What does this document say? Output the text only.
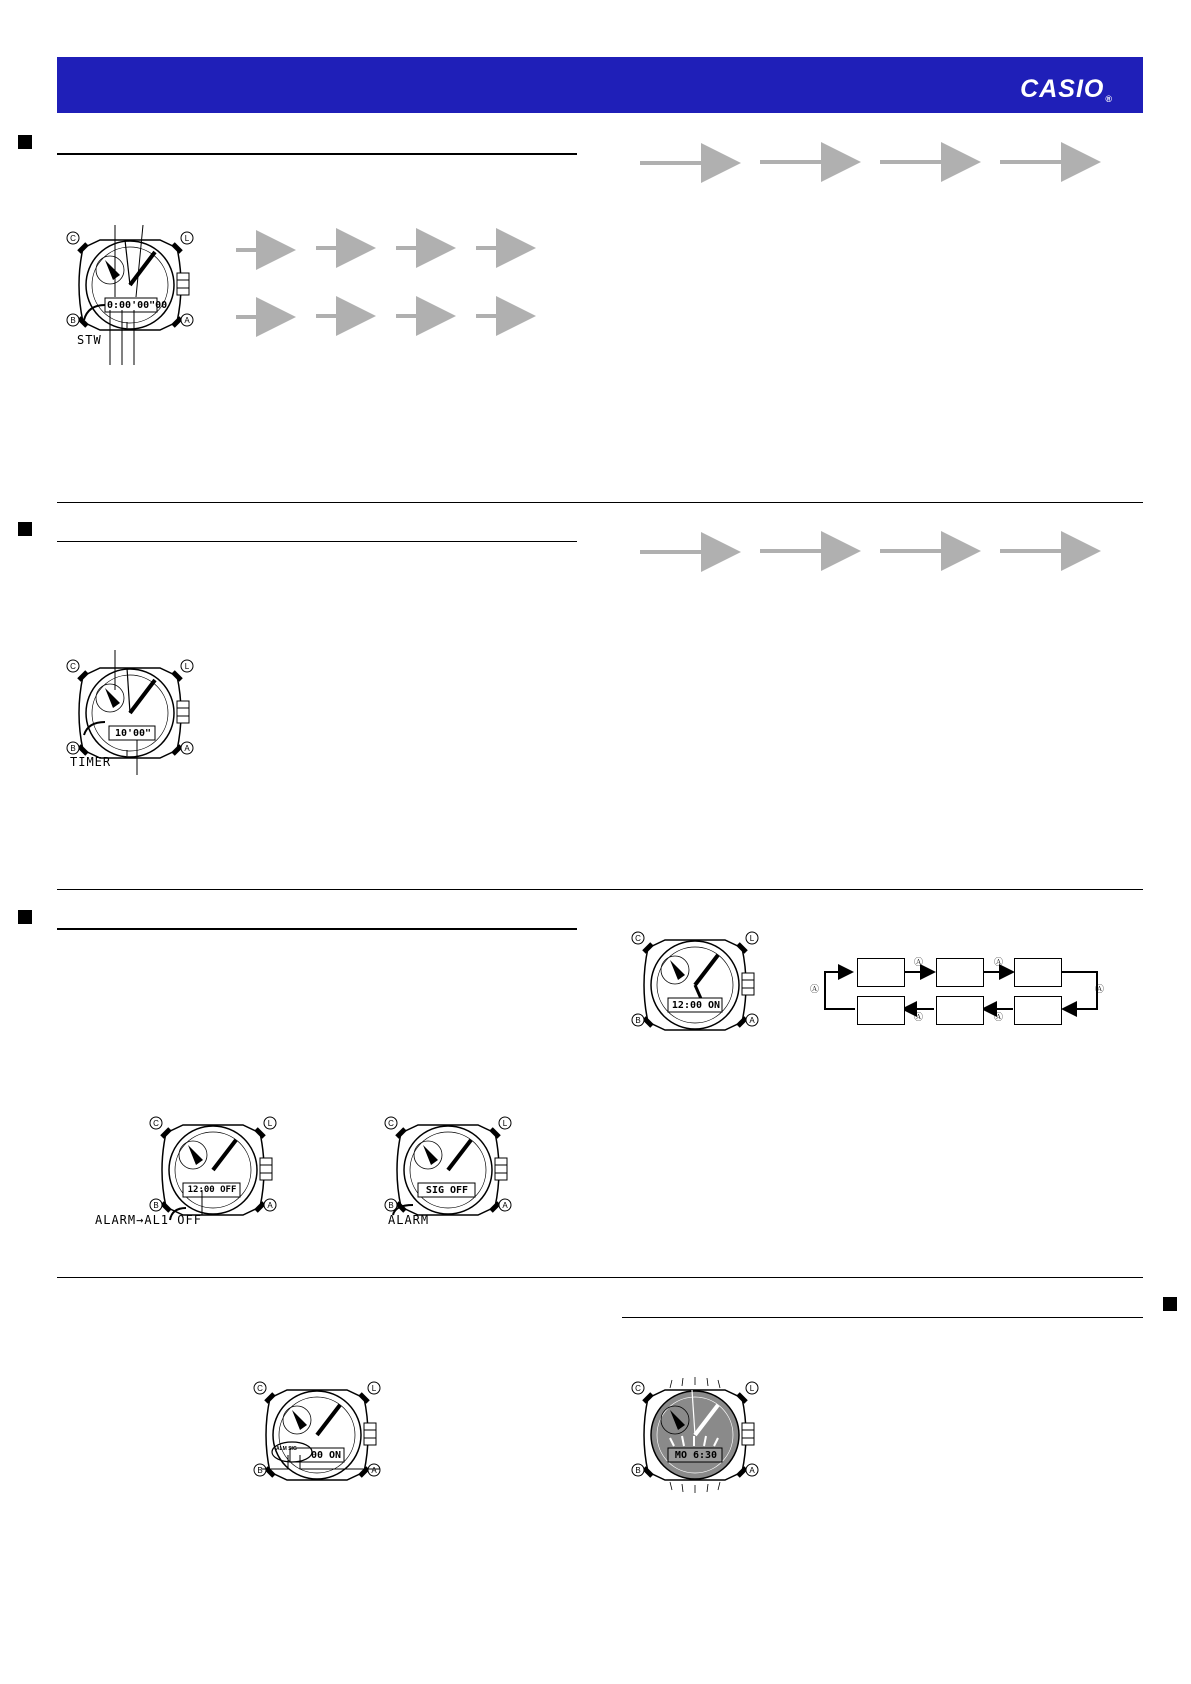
CASIO®
C	L
B	A
0:00'00"00
STW
C	L
B	A
10'00"
TIMER
C	L
B	A
12:00 ON
Ⓐ	Ⓐ
Ⓐ
Ⓐ	Ⓐ
Ⓐ
C	L
B	A
12:00 OFF
ALARM→AL1 OFF
C	L
B	A
SIG OFF
ALARM
C	L
B	A
00 ON
ALM SIG
C	L
B	A
MO 6:30
